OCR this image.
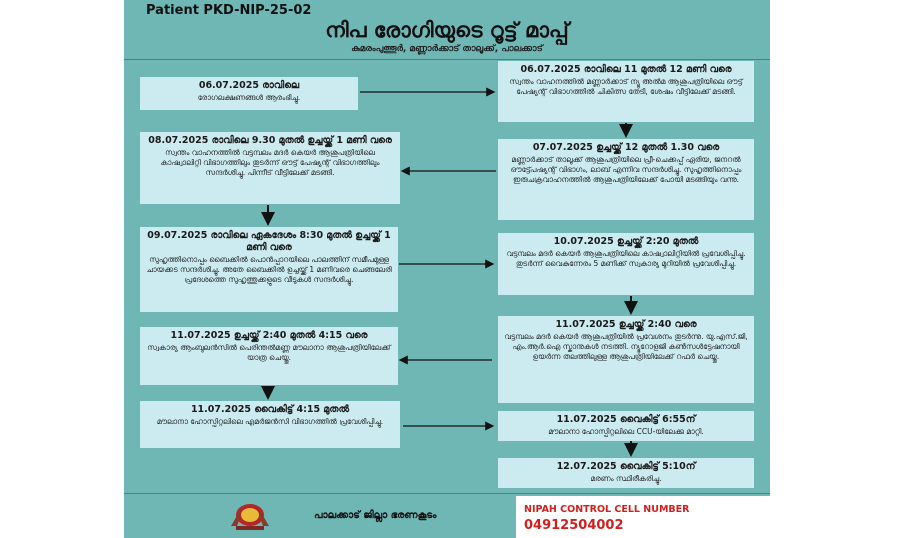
Patient PKD-NIP-25-02
നിപ രോഗിയുടെ റൂട്ട് മാപ്പ്
കുമരംപുത്തൂർ, മണ്ണാർക്കാട് താലൂക്ക്, പാലക്കാട്
06.07.2025 രാവിലെ
രോഗലക്ഷണങ്ങൾ ആരംഭിച്ചു.
06.07.2025 രാവിലെ 11 മുതൽ 12 മണി വരെ
സ്വന്തം വാഹനത്തിൽ മണ്ണാർക്കാട് ന്യൂ അൽമ ആശുപത്രിയിലെ ഔട്ട് പേഷ്യന്റ് വിഭാഗത്തിൽ ചികിത്സ തേടി, ശേഷം വീട്ടിലേക്ക് മടങ്ങി.
07.07.2025 ഉച്ചയ്ക്ക് 12 മുതൽ 1.30 വരെ
മണ്ണാർക്കാട് താലൂക്ക് ആശുപത്രിയിലെ പ്രീ-ചെക്കപ്പ് ഏരിയ, ജനറൽ ഔട്ട്പേഷ്യന്റ് വിഭാഗം, ലാബ് എന്നിവ സന്ദർശിച്ചു. സുഹൃത്തിനൊപ്പം ഇരുചക്രവാഹനത്തിൽ ആശുപത്രിയിലേക്ക് പോയി മടങ്ങിയും വന്നു.
08.07.2025 രാവിലെ 9.30 മുതൽ ഉച്ചയ്ക്ക് 1 മണി വരെ
സ്വന്തം വാഹനത്തിൽ വട്ടമ്പലം മദർ കെയർ ആശുപത്രിയിലെ കാഷ്വാലിറ്റി വിഭാഗത്തിലും തുടർന്ന് ഔട്ട് പേഷ്യന്റ് വിഭാഗത്തിലും സന്ദർശിച്ചു. പിന്നീട് വീട്ടിലേക്ക് മടങ്ങി.
09.07.2025 രാവിലെ ഏകദേശം 8:30 മുതൽ ഉച്ചയ്ക്ക് 1 മണി വരെ
സുഹൃത്തിനൊപ്പം ബൈക്കിൽ പൊൻപ്പാറയിലെ പാലത്തിന് സമീപമുള്ള ചായക്കട സന്ദർശിച്ചു. അതേ ബൈക്കിൽ ഉച്ചയ്ക്ക് 1 മണിവരെ ചെങ്ങലേരി പ്രദേശത്തെ സുഹൃത്തുക്കളുടെ വീടുകൾ സന്ദർശിച്ചു.
10.07.2025 ഉച്ചയ്ക്ക് 2:20 മുതൽ
വട്ടമ്പലം മദർ കെയർ ആശുപത്രിയിലെ കാഷ്വാലിറ്റിയിൽ പ്രവേശിപ്പിച്ചു. തുടർന്ന് വൈകുന്നേരം 5 മണിക്ക് സ്വകാര്യ മുറിയിൽ പ്രവേശിപ്പിച്ചു.
11.07.2025 ഉച്ചയ്ക്ക് 2:40 വരെ
വട്ടമ്പലം മദർ കെയർ ആശുപത്രിയിൽ പ്രവേശനം തുടർന്നു. യു.എസ്.ജി, എം.ആർ.ഐ സ്കാനുകൾ നടത്തി. ന്യൂറോളജി കൺസൾട്ടേഷനായി ഉയർന്ന തലത്തിലുള്ള ആശുപത്രിയിലേക്ക് റഫർ ചെയ്തു.
11.07.2025 ഉച്ചയ്ക്ക് 2:40 മുതൽ 4:15 വരെ
സ്വകാര്യ ആംബുലൻസിൽ പെരിന്തൽമണ്ണ മൗലാനാ ആശുപത്രിയിലേക്ക് യാത്ര ചെയ്തു.
11.07.2025 വൈകിട്ട് 4:15 മുതൽ
മൗലാനാ ഹോസ്പിറ്റലിലെ എമർജൻസി വിഭാഗത്തിൽ പ്രവേശിപ്പിച്ചു.	11.07.2025 വൈകിട്ട് 6:55ന്
മൗലാനാ ഹോസ്പിറ്റലിലെ CCU-യിലേക്കു മാറ്റി.
12.07.2025 വൈകിട്ട് 5:10ന്
മരണം സ്ഥിരീകരിച്ചു.
പാലക്കാട് ജില്ലാ ഭരണകൂടം
NIPAH CONTROL CELL NUMBER
04912504002
